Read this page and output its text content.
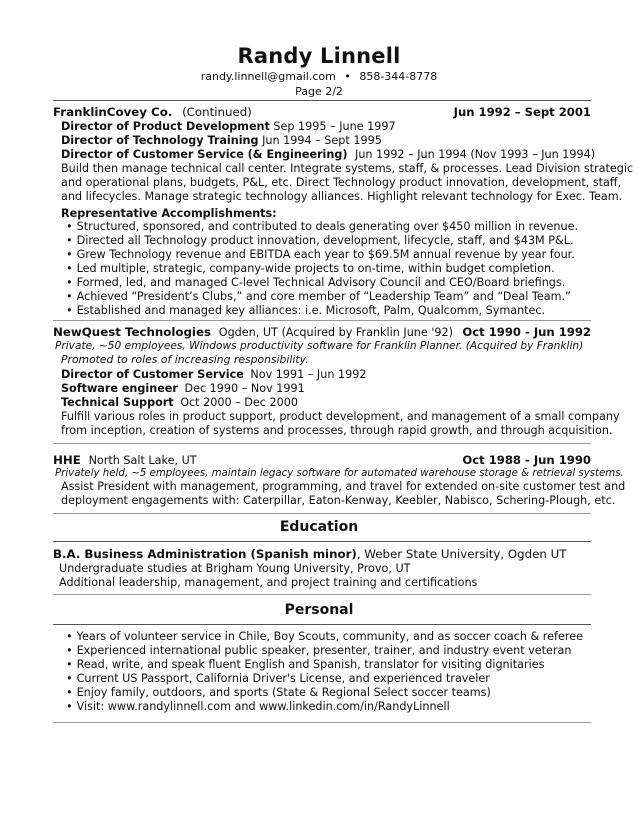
Randy Linnell
randy.linnell@gmail.com • 858-344-8778
Page 2/2
FranklinCovey Co. (Continued)	Jun 1992 – Sept 2001
Director of Product Development Sep 1995 – June 1997
Director of Technology Training Jun 1994 – Sept 1995
Director of Customer Service (& Engineering) Jun 1992 – Jun 1994 (Nov 1993 – Jun 1994)
Build then manage technical call center. Integrate systems, staff, & processes. Lead Division strategic
and operational plans, budgets, P&L, etc. Direct Technology product innovation, development, staff,
and lifecycles. Manage strategic technology alliances. Highlight relevant technology for Exec. Team.
Representative Accomplishments:
• Structured, sponsored, and contributed to deals generating over $450 million in revenue.
• Directed all Technology product innovation, development, lifecycle, staff, and $43M P&L.
• Grew Technology revenue and EBITDA each year to $69.5M annual revenue by year four.
• Led multiple, strategic, company-wide projects to on-time, within budget completion.
• Formed, led, and managed C-level Technical Advisory Council and CEO/Board briefings.
• Achieved “President’s Clubs,” and core member of “Leadership Team” and “Deal Team.”
• Established and managed key alliances: i.e. Microsoft, Palm, Qualcomm, Symantec.
NewQuest Technologies Ogden, UT (Acquired by Franklin June '92) Oct 1990 - Jun 1992
Private, ~50 employees, Windows productivity software for Franklin Planner. (Acquired by Franklin)
Promoted to roles of increasing responsibility.
Director of Customer Service Nov 1991 – Jun 1992
Software engineer Dec 1990 – Nov 1991
Technical Support Oct 2000 – Dec 2000
Fulfill various roles in product support, product development, and management of a small company
from inception, creation of systems and processes, through rapid growth, and through acquisition.
HHE North Salt Lake, UT	Oct 1988 - Jun 1990
Privately held, ~5 employees, maintain legacy software for automated warehouse storage & retrieval systems.
Assist President with management, programming, and travel for extended on-site customer test and
deployment engagements with: Caterpillar, Eaton-Kenway, Keebler, Nabisco, Schering-Plough, etc.
Education
B.A. Business Administration (Spanish minor), Weber State University, Ogden UT
Undergraduate studies at Brigham Young University, Provo, UT
Additional leadership, management, and project training and certifications
Personal
• Years of volunteer service in Chile, Boy Scouts, community, and as soccer coach & referee
• Experienced international public speaker, presenter, trainer, and industry event veteran
• Read, write, and speak fluent English and Spanish, translator for visiting dignitaries
• Current US Passport, California Driver's License, and experienced traveler
• Enjoy family, outdoors, and sports (State & Regional Select soccer teams)
• Visit: www.randylinnell.com and www.linkedin.com/in/RandyLinnell
